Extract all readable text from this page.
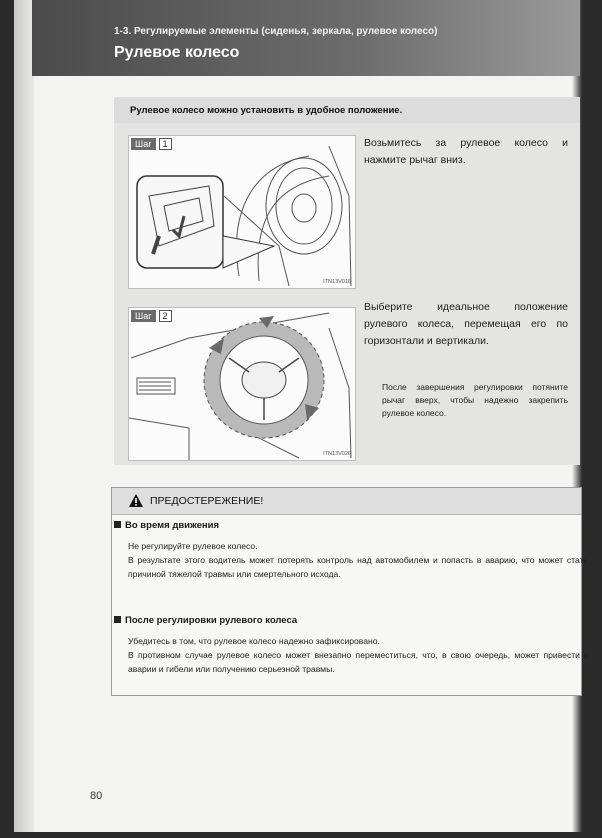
1-3. Регулируемые элементы (сиденья, зеркала, рулевое колесо)
Рулевое колесо
Рулевое колесо можно установить в удобное положение.
Шаг	1
ITN13V016
Возьмитесь за рулевое колесо и нажмите рычаг вниз.
Шаг	2
ITN13V026
Выберите идеальное положение рулевого колеса, перемещая его по горизонтали и вертикали.
После завершения регулировки потяните рычаг вверх, чтобы надежно закрепить рулевое колесо.
ПРЕДОСТЕРЕЖЕНИЕ!
Во время движения
Не регулируйте рулевое колесо.
В результате этого водитель может потерять контроль над автомобилем и попасть в аварию, что может стать причиной тяжелой травмы или смертельного исхода.
После регулировки рулевого колеса
Убедитесь в том, что рулевое колесо надежно зафиксировано.
В противном случае рулевое колесо может внезапно переместиться, что, в свою очередь, может привести к аварии и гибели или получению серьезной травмы.
80
